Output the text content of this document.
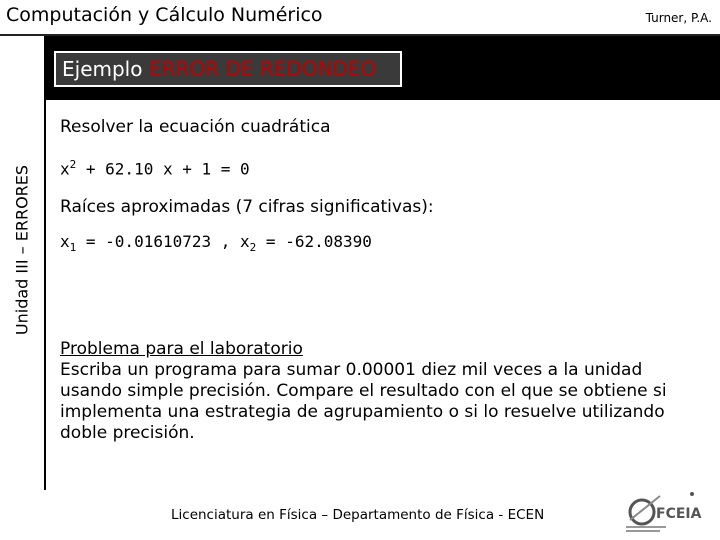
Computación y Cálculo Numérico	Turner, P.A.
Unidad III – ERRORES
Ejemplo ERROR DE REDONDEO
Resolver la ecuación cuadrática
$x^2 + 62.10$ x + 1 = 0
Raíces aproximadas (7 cifras significativas):
$x_1 = -0.01610723$ , $x_2 = -62.08390$
Problema para el laboratorio
Escriba un programa para sumar 0.00001 diez mil veces a la unidad usando simple precisión. Compare el resultado con el que se obtiene si implementa una estrategia de agrupamiento o si lo resuelve utilizando doble precisión.
Licenciatura en Física – Departamento de Física - ECEN	FCEIA
